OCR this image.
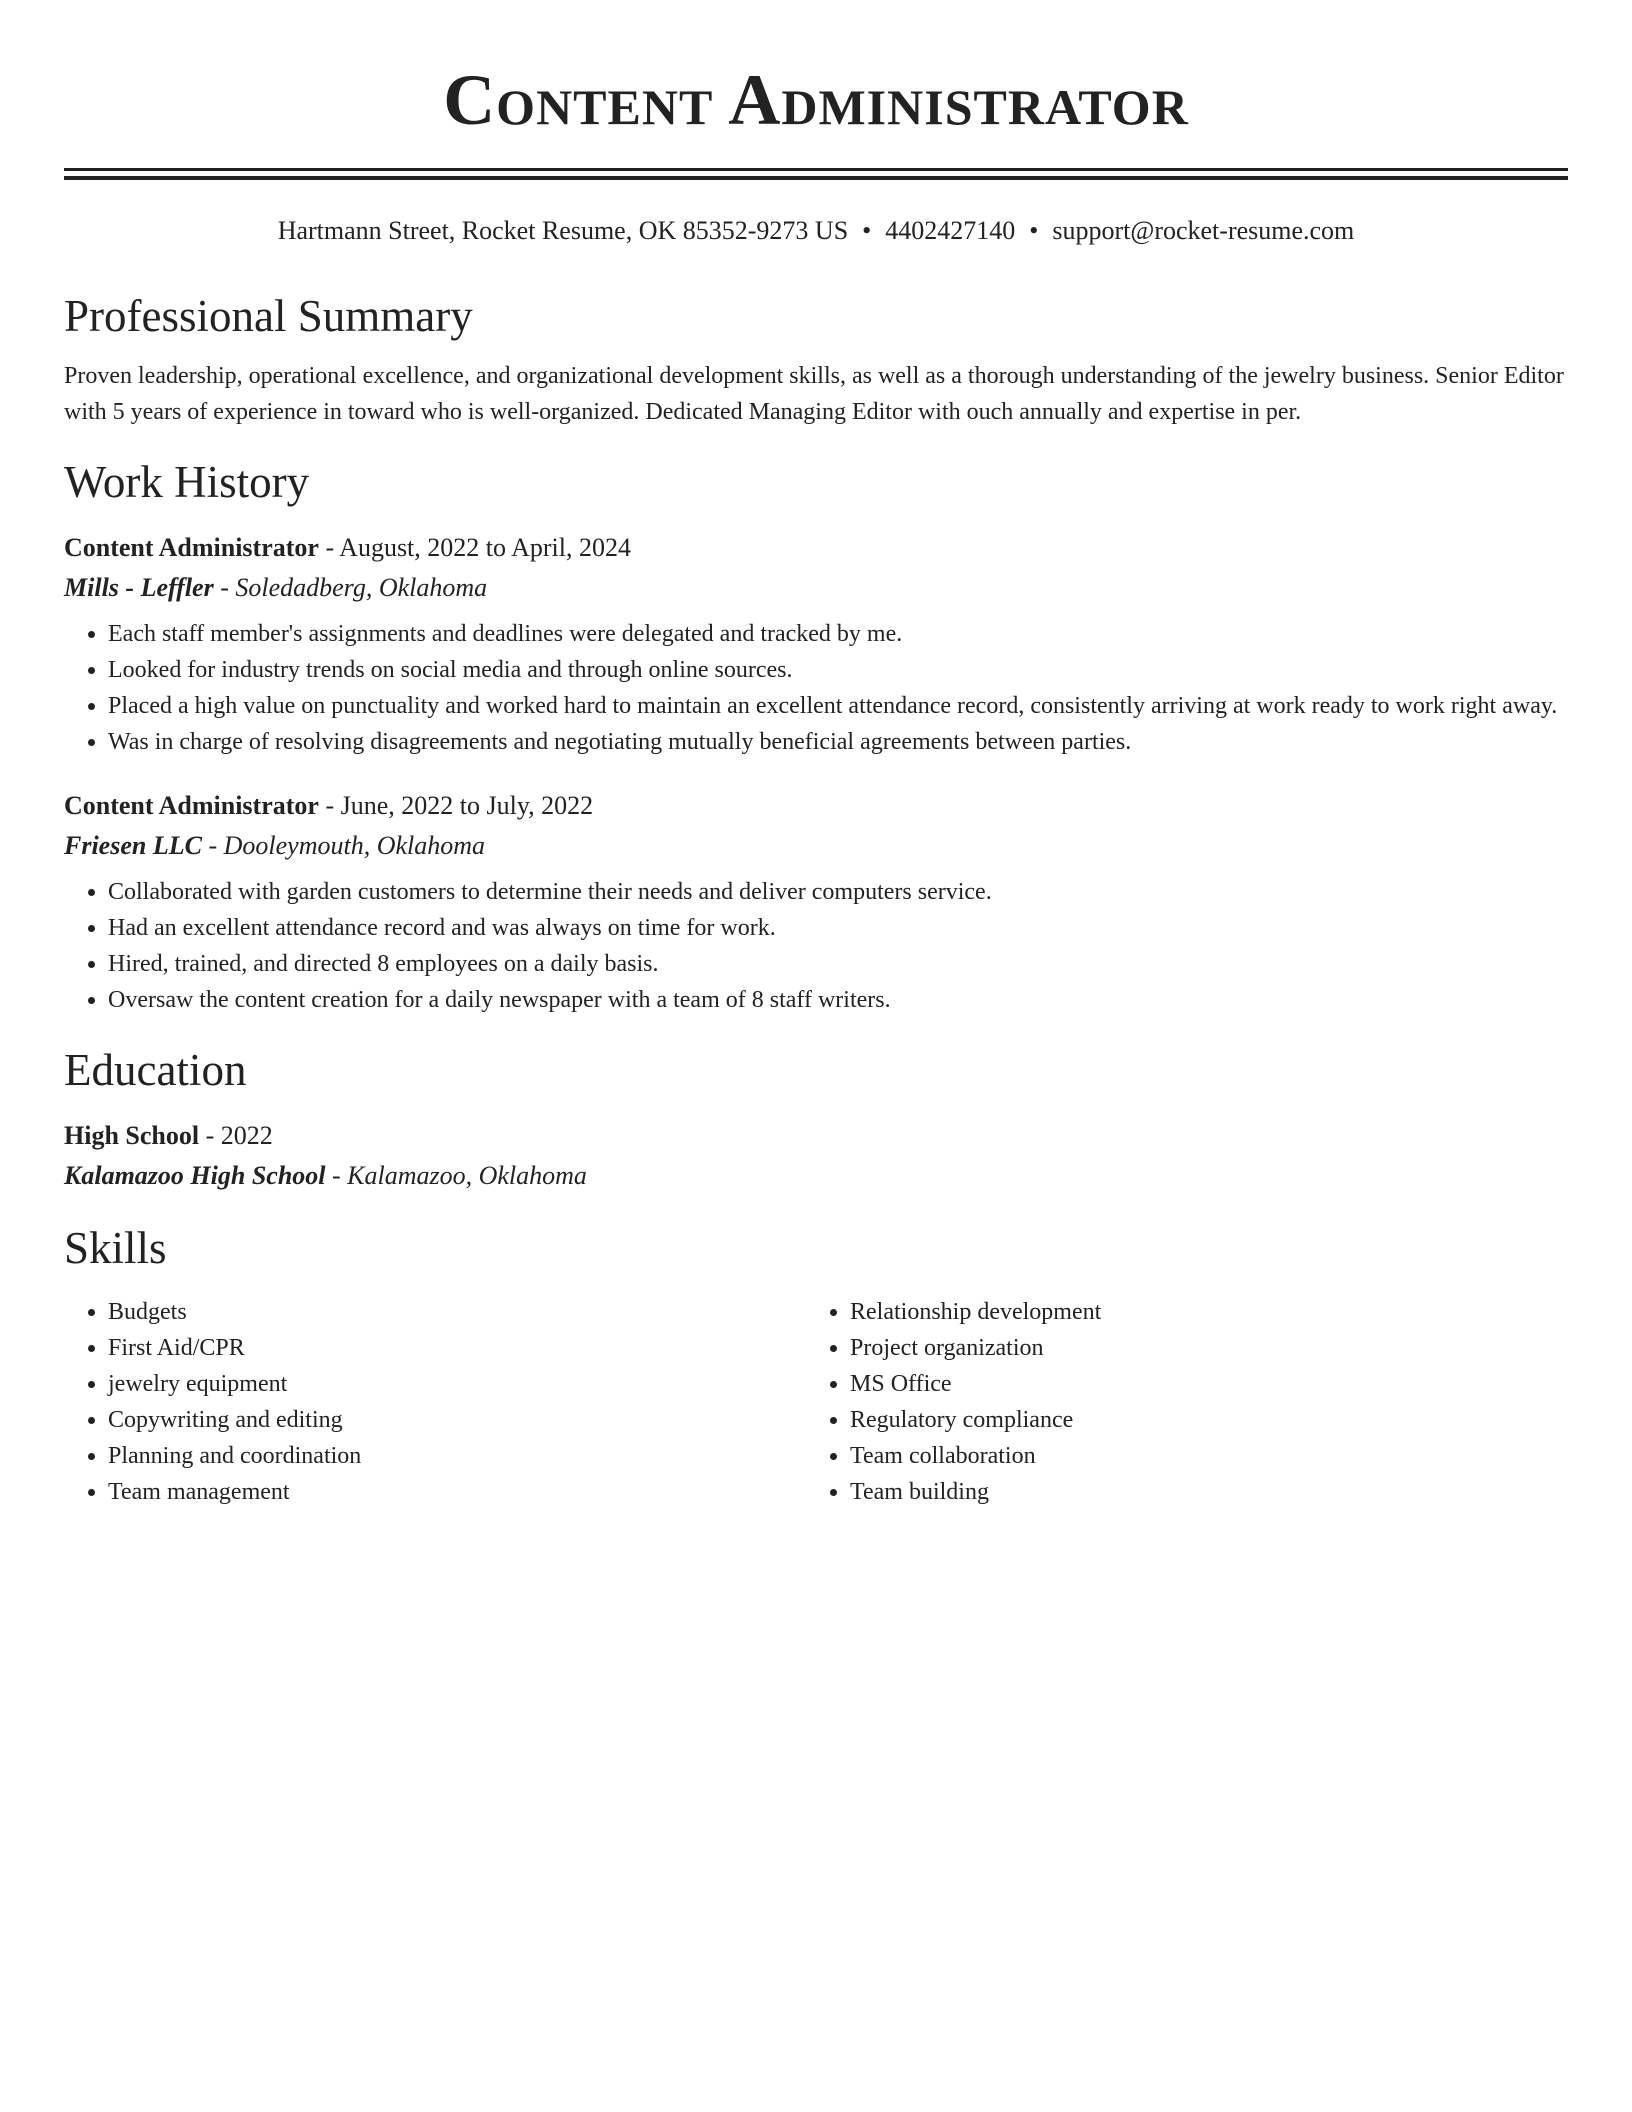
Content Administrator
Hartmann Street, Rocket Resume, OK 85352-9273 US • 4402427140 • support@rocket-resume.com
Professional Summary
Proven leadership, operational excellence, and organizational development skills, as well as a thorough understanding of the jewelry business. Senior Editor with 5 years of experience in toward who is well-organized. Dedicated Managing Editor with ouch annually and expertise in per.
Work History
Content Administrator - August, 2022 to April, 2024
Mills - Leffler - Soledadberg, Oklahoma
• Each staff member's assignments and deadlines were delegated and tracked by me.
• Looked for industry trends on social media and through online sources.
• Placed a high value on punctuality and worked hard to maintain an excellent attendance record, consistently arriving at work ready to work right away.
• Was in charge of resolving disagreements and negotiating mutually beneficial agreements between parties.
Content Administrator - June, 2022 to July, 2022
Friesen LLC - Dooleymouth, Oklahoma
• Collaborated with garden customers to determine their needs and deliver computers service.
• Had an excellent attendance record and was always on time for work.
• Hired, trained, and directed 8 employees on a daily basis.
• Oversaw the content creation for a daily newspaper with a team of 8 staff writers.
Education
High School - 2022
Kalamazoo High School - Kalamazoo, Oklahoma
Skills
• Budgets
• First Aid/CPR
• jewelry equipment
• Copywriting and editing
• Planning and coordination
• Team management
• Relationship development
• Project organization
• MS Office
• Regulatory compliance
• Team collaboration
• Team building
